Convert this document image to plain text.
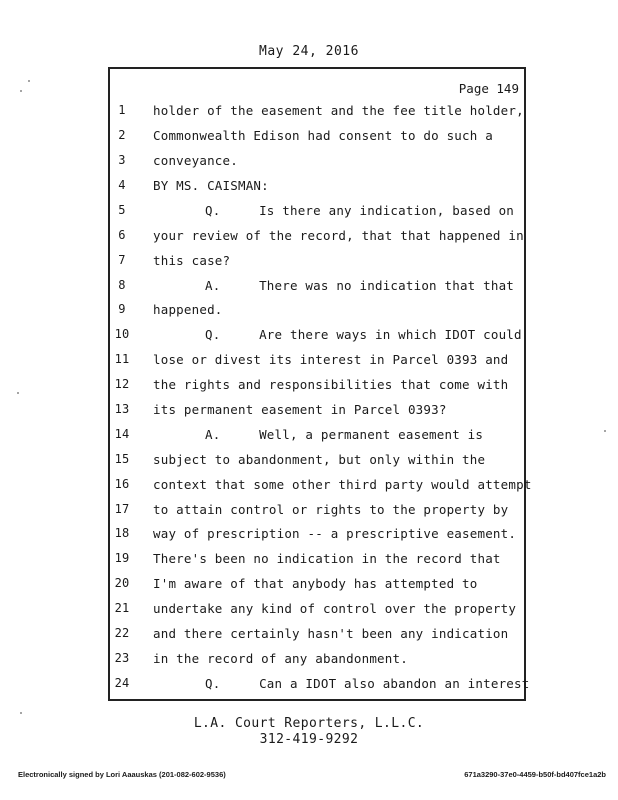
May 24, 2016
Page 149
1	holder of the easement and the fee title holder,
2	Commonwealth Edison had consent to do such a
3	conveyance.
4	BY MS. CAISMAN:
5	Q.     Is there any indication, based on
6	your review of the record, that that happened in
7	this case?
8	A.     There was no indication that that
9	happened.
10	Q.     Are there ways in which IDOT could
11	lose or divest its interest in Parcel 0393 and
12	the rights and responsibilities that come with
13	its permanent easement in Parcel 0393?
14	A.     Well, a permanent easement is
15	subject to abandonment, but only within the
16	context that some other third party would attempt
17	to attain control or rights to the property by
18	way of prescription -- a prescriptive easement.
19	There's been no indication in the record that
20	I'm aware of that anybody has attempted to
21	undertake any kind of control over the property
22	and there certainly hasn't been any indication
23	in the record of any abandonment.
24	Q.     Can a IDOT also abandon an interest
L.A. Court Reporters, L.L.C.
312-419-9292
Electronically signed by Lori Aaauskas (201-082-602-9536)	671a3290-37e0-4459-b50f-bd407fce1a2b
